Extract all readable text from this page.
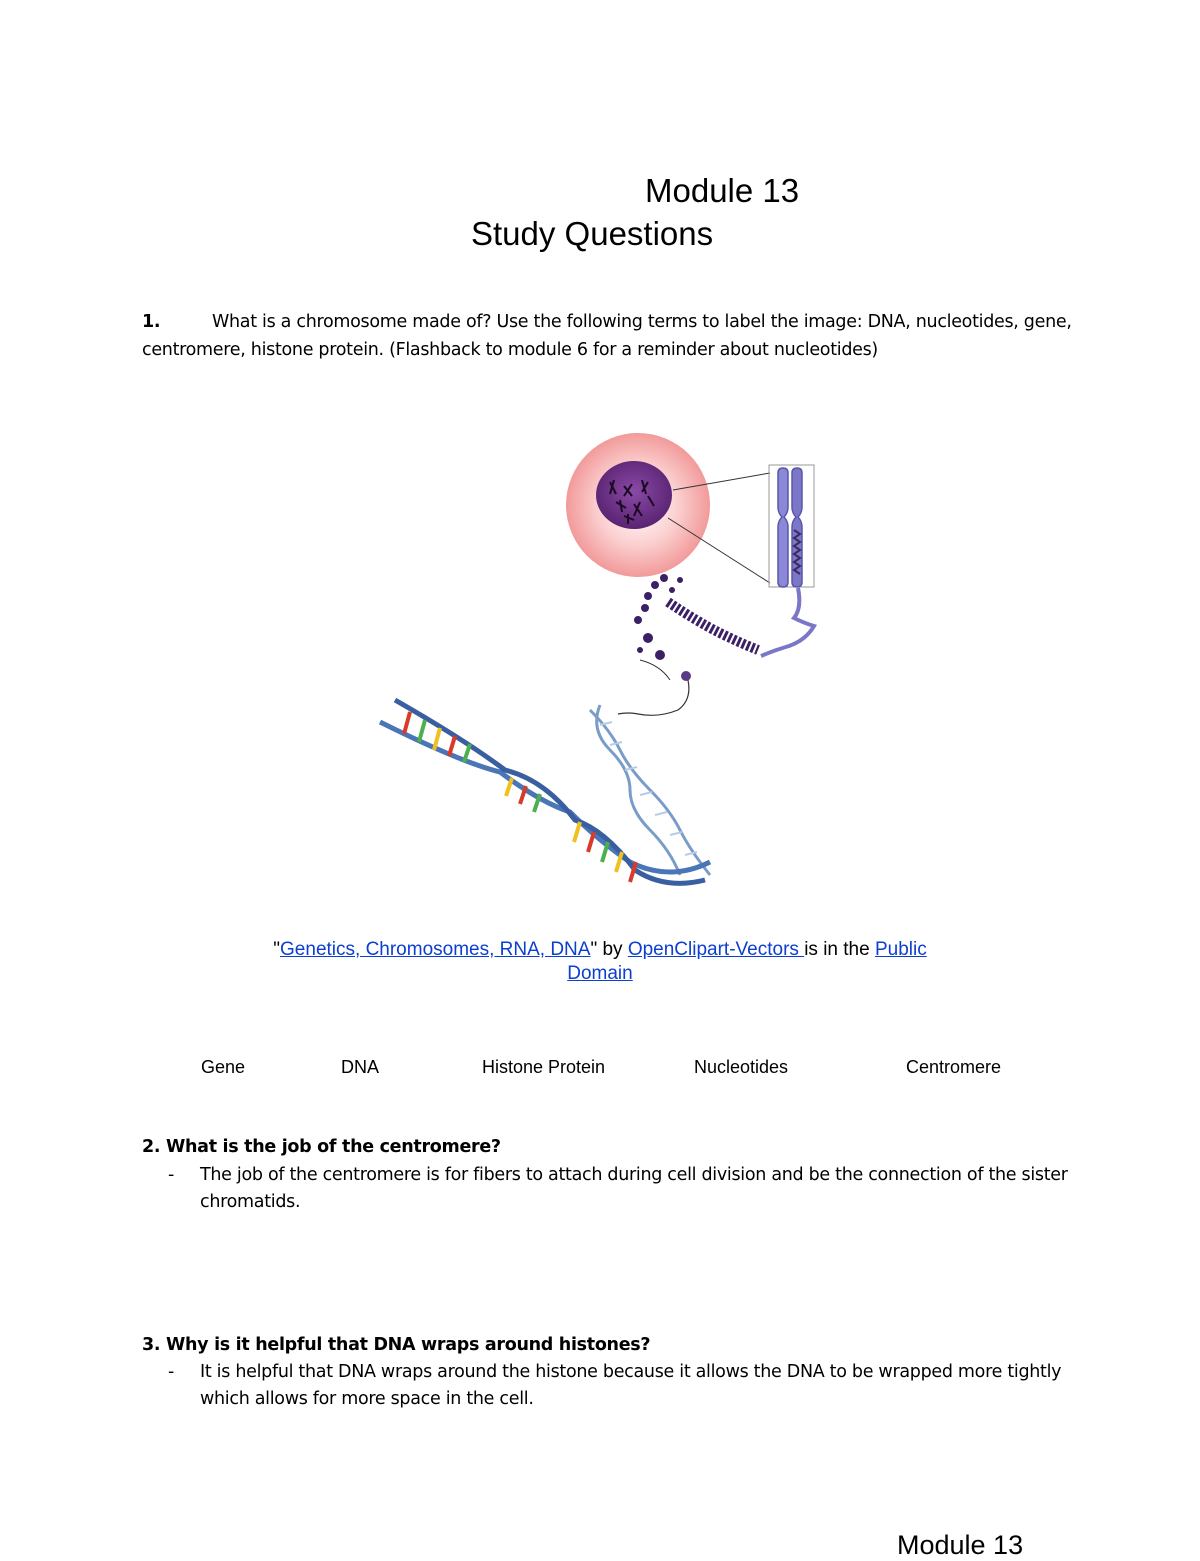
Module 13
Study Questions
1.	What is a chromosome made of? Use the following terms to label the image: DNA, nucleotides, gene, centromere, histone protein. (Flashback to module 6 for a reminder about nucleotides)
"Genetics, Chromosomes, RNA, DNA" by OpenClipart-Vectors is in the Public
Domain
Gene	DNA	Histone Protein	Nucleotides	Centromere
2. What is the job of the centromere?
- The job of the centromere is for fibers to attach during cell division and be the connection of the sister chromatids.
3. Why is it helpful that DNA wraps around histones?
- It is helpful that DNA wraps around the histone because it allows the DNA to be wrapped more tightly which allows for more space in the cell.
Module 13
